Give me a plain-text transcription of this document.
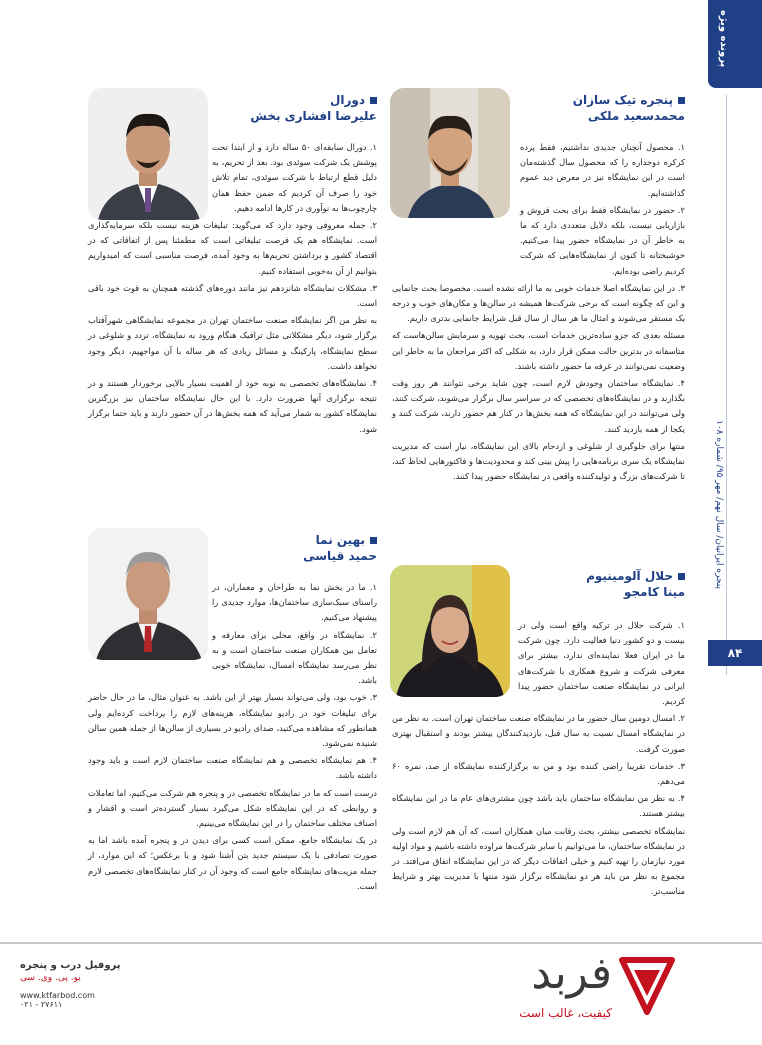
پرونده ویژه
پنجره ایرانیان/ سال نهم/ مهر ۹۵/ شماره ۱۰۸
۸۴
پنجره تیک سازان
محمدسعید ملکی

۱. محصول آنچنان جدیدی نداشتیم، فقط پرده کرکره دوجداره را که محصول سال گذشته‌مان است در این نمایشگاه نیز در معرض دید عموم گذاشته‌ایم.

۲. حضور در نمایشگاه فقط برای بحث فروش و بازاریابی نیست، بلکه دلایل متعددی دارد که ما به خاطر آن در نمایشگاه حضور پیدا می‌کنیم. خوشبختانه تا کنون از نمایشگاه‌هایی که شرکت کردیم راضی بوده‌ایم.

۳. در این نمایشگاه اصلا خدمات خوبی به ما ارائه نشده است. مخصوصا بحث جانمایی و این که چگونه است که برخی شرکت‌ها همیشه در سالن‌ها و مکان‌های خوب و درجه یک مستقر می‌شوند و امثال ما هر سال از سال قبل شرایط جانمایی بدتری داریم.

مسئله بعدی که جزو ساده‌ترین خدمات است، بحث تهویه و سرمایش سالن‌هاست که متاسفانه در بدترین حالت ممکن قرار دارد، به شکلی که اکثر مراجعان ما به خاطر این وضعیت نمی‌توانند در غرفه ما حضور داشته باشند.

۴. نمایشگاه ساختمان وجودش لازم است، چون شاید برخی نتوانند هر روز وقت بگذارند و در نمایشگاه‌های تخصصی که در سراسر سال برگزار می‌شوند، شرکت کنند، ولی می‌توانند در این نمایشگاه که همه بخش‌ها در کنار هم حضور دارند، شرکت کنند و یکجا از همه بازدید کنند.

منتها برای جلوگیری از شلوغی و ازدحام بالای این نمایشگاه، نیاز است که مدیریت نمایشگاه یک سری برنامه‌هایی را پیش بینی کند و محدودیت‌ها و فاکتورهایی لحاظ کند، تا شرکت‌های بزرگ و تولیدکننده واقعی در نمایشگاه حضور پیدا کنند.

دورال
علیرضا افشاری بخش

۱. دورال سابقه‌ای ۵۰ ساله دارد و از ابتدا تحت پوشش یک شرکت سوئدی بود. بعد از تحریم، به دلیل قطع ارتباط با شرکت سوئدی، تمام تلاش خود را صرف آن کردیم که ضمن حفظ همان چارچوب‌ها به نوآوری در کارها ادامه دهیم.

۲. جمله معروفی وجود دارد که می‌گوید: تبلیغات هزینه نیست بلکه سرمایه‌گذاری است. نمایشگاه هم یک فرصت تبلیغاتی است که مطمئنا پس از اتفاقاتی که در اقتصاد کشور و برداشتن تحریم‌ها به وجود آمده، فرصت مناسبی است که امیدواریم بتوانیم از آن به‌خوبی استفاده کنیم.

۳. مشکلات نمایشگاه شانزدهم نیز مانند دوره‌های گذشته همچنان به قوت خود باقی است.

به نظر من اگر نمایشگاه صنعت ساختمان تهران در مجموعه نمایشگاهی شهرآفتاب برگزار شود، دیگر مشکلاتی مثل ترافیک هنگام ورود به نمایشگاه، تردد و شلوغی در سطح نمایشگاه، پارکینگ و مسائل زیادی که هر ساله با آن مواجهیم، دیگر وجود نخواهد داشت.

۴. نمایشگاه‌های تخصصی به نوبه خود از اهمیت بسیار بالایی برخوردار هستند و در نتیجه برگزاری آنها ضرورت دارد. با این حال نمایشگاه ساختمان نیز بزرگترین نمایشگاه کشور به شمار می‌آید که همه بخش‌ها در آن حضور دارند و باید حتما برگزار شود.

بهین نما
حمید قیاسی

۱. ما در بخش نما به طراحان و معماران، در راستای سبک‌سازی ساختمان‌ها، موارد جدیدی را پیشنهاد می‌کنیم.

۲. نمایشگاه در واقع، محلی برای معارفه و تعامل بین همکاران صنعت ساختمان است و به نظر می‌رسد نمایشگاه امسال، نمایشگاه خوبی باشد.

۳. خوب بود، ولی می‌تواند بسیار بهتر از این باشد. به عنوان مثال، ما در حال حاضر برای تبلیغات خود در رادیو نمایشگاه، هزینه‌های لازم را پرداخت کرده‌ایم ولی همانطور که مشاهده می‌کنید، صدای رادیو در بسیاری از سالن‌ها از جمله همین سالن شنیده نمی‌شود.

۴. هم نمایشگاه تخصصی و هم نمایشگاه صنعت ساختمان لازم است و باید وجود داشته باشد.

درست است که ما در نمایشگاه تخصصی در و پنجره هم شرکت می‌کنیم، اما تعاملات و روابطی که در این نمایشگاه شکل می‌گیرد بسیار گسترده‌تر است و اقشار و اصناف مختلف ساختمان را در این نمایشگاه می‌بینیم.

در یک نمایشگاه جامع، ممکن است کسی برای دیدن در و پنجره آمده باشد اما به صورت تصادفی با یک سیستم جدید بتن آشنا شود و یا برعکس؛ که این موارد، از جمله مزیت‌های نمایشگاه جامع است که وجود آن در کنار نمایشگاه‌های تخصصی لازم است.

حلال آلومینیوم
مینا کامجو

۱. شرکت حلال در ترکیه واقع است ولی در بیست و دو کشور دنیا فعالیت دارد. چون شرکت ما در ایران فعلا نماینده‌ای ندارد، بیشتر برای معرفی شرکت و شروع همکاری با شرکت‌های ایرانی در نمایشگاه صنعت ساختمان حضور پیدا کردیم.

۲. امسال دومین سال حضور ما در نمایشگاه صنعت ساختمان تهران است. به نظر من در نمایشگاه امسال نسبت به سال قبل، بازدیدکنندگان بیشتر بودند و استقبال بهتری صورت گرفت.

۳. خدمات تقریبا راضی کننده بود و من به برگزارکننده نمایشگاه از صد، نمره ۶۰ می‌دهم.

۴. به نظر من نمایشگاه ساختمان باید باشد چون مشتری‌های عام ما در این نمایشگاه بیشتر هستند.

نمایشگاه تخصصی بیشتر، بحث رقابت میان همکاران است، که آن هم لازم است ولی در نمایشگاه ساختمان، ما می‌توانیم با سایر شرکت‌ها مراوده داشته باشیم و مواد اولیه مورد نیازمان را تهیه کنیم و خیلی اتفاقات دیگر که در این نمایشگاه اتفاق می‌افتد. در مجموع به نظر من باید هر دو نمایشگاه برگزار شود منتها با مدیریت بهتر و شرایط مناسب‌تر.

فربد
کیفیت، غالب است
پروفیل درب و پنجره
یو. پی. وی. سی
www.ktfarbod.com
۰۲۱ - ۲۷۶۱۱
